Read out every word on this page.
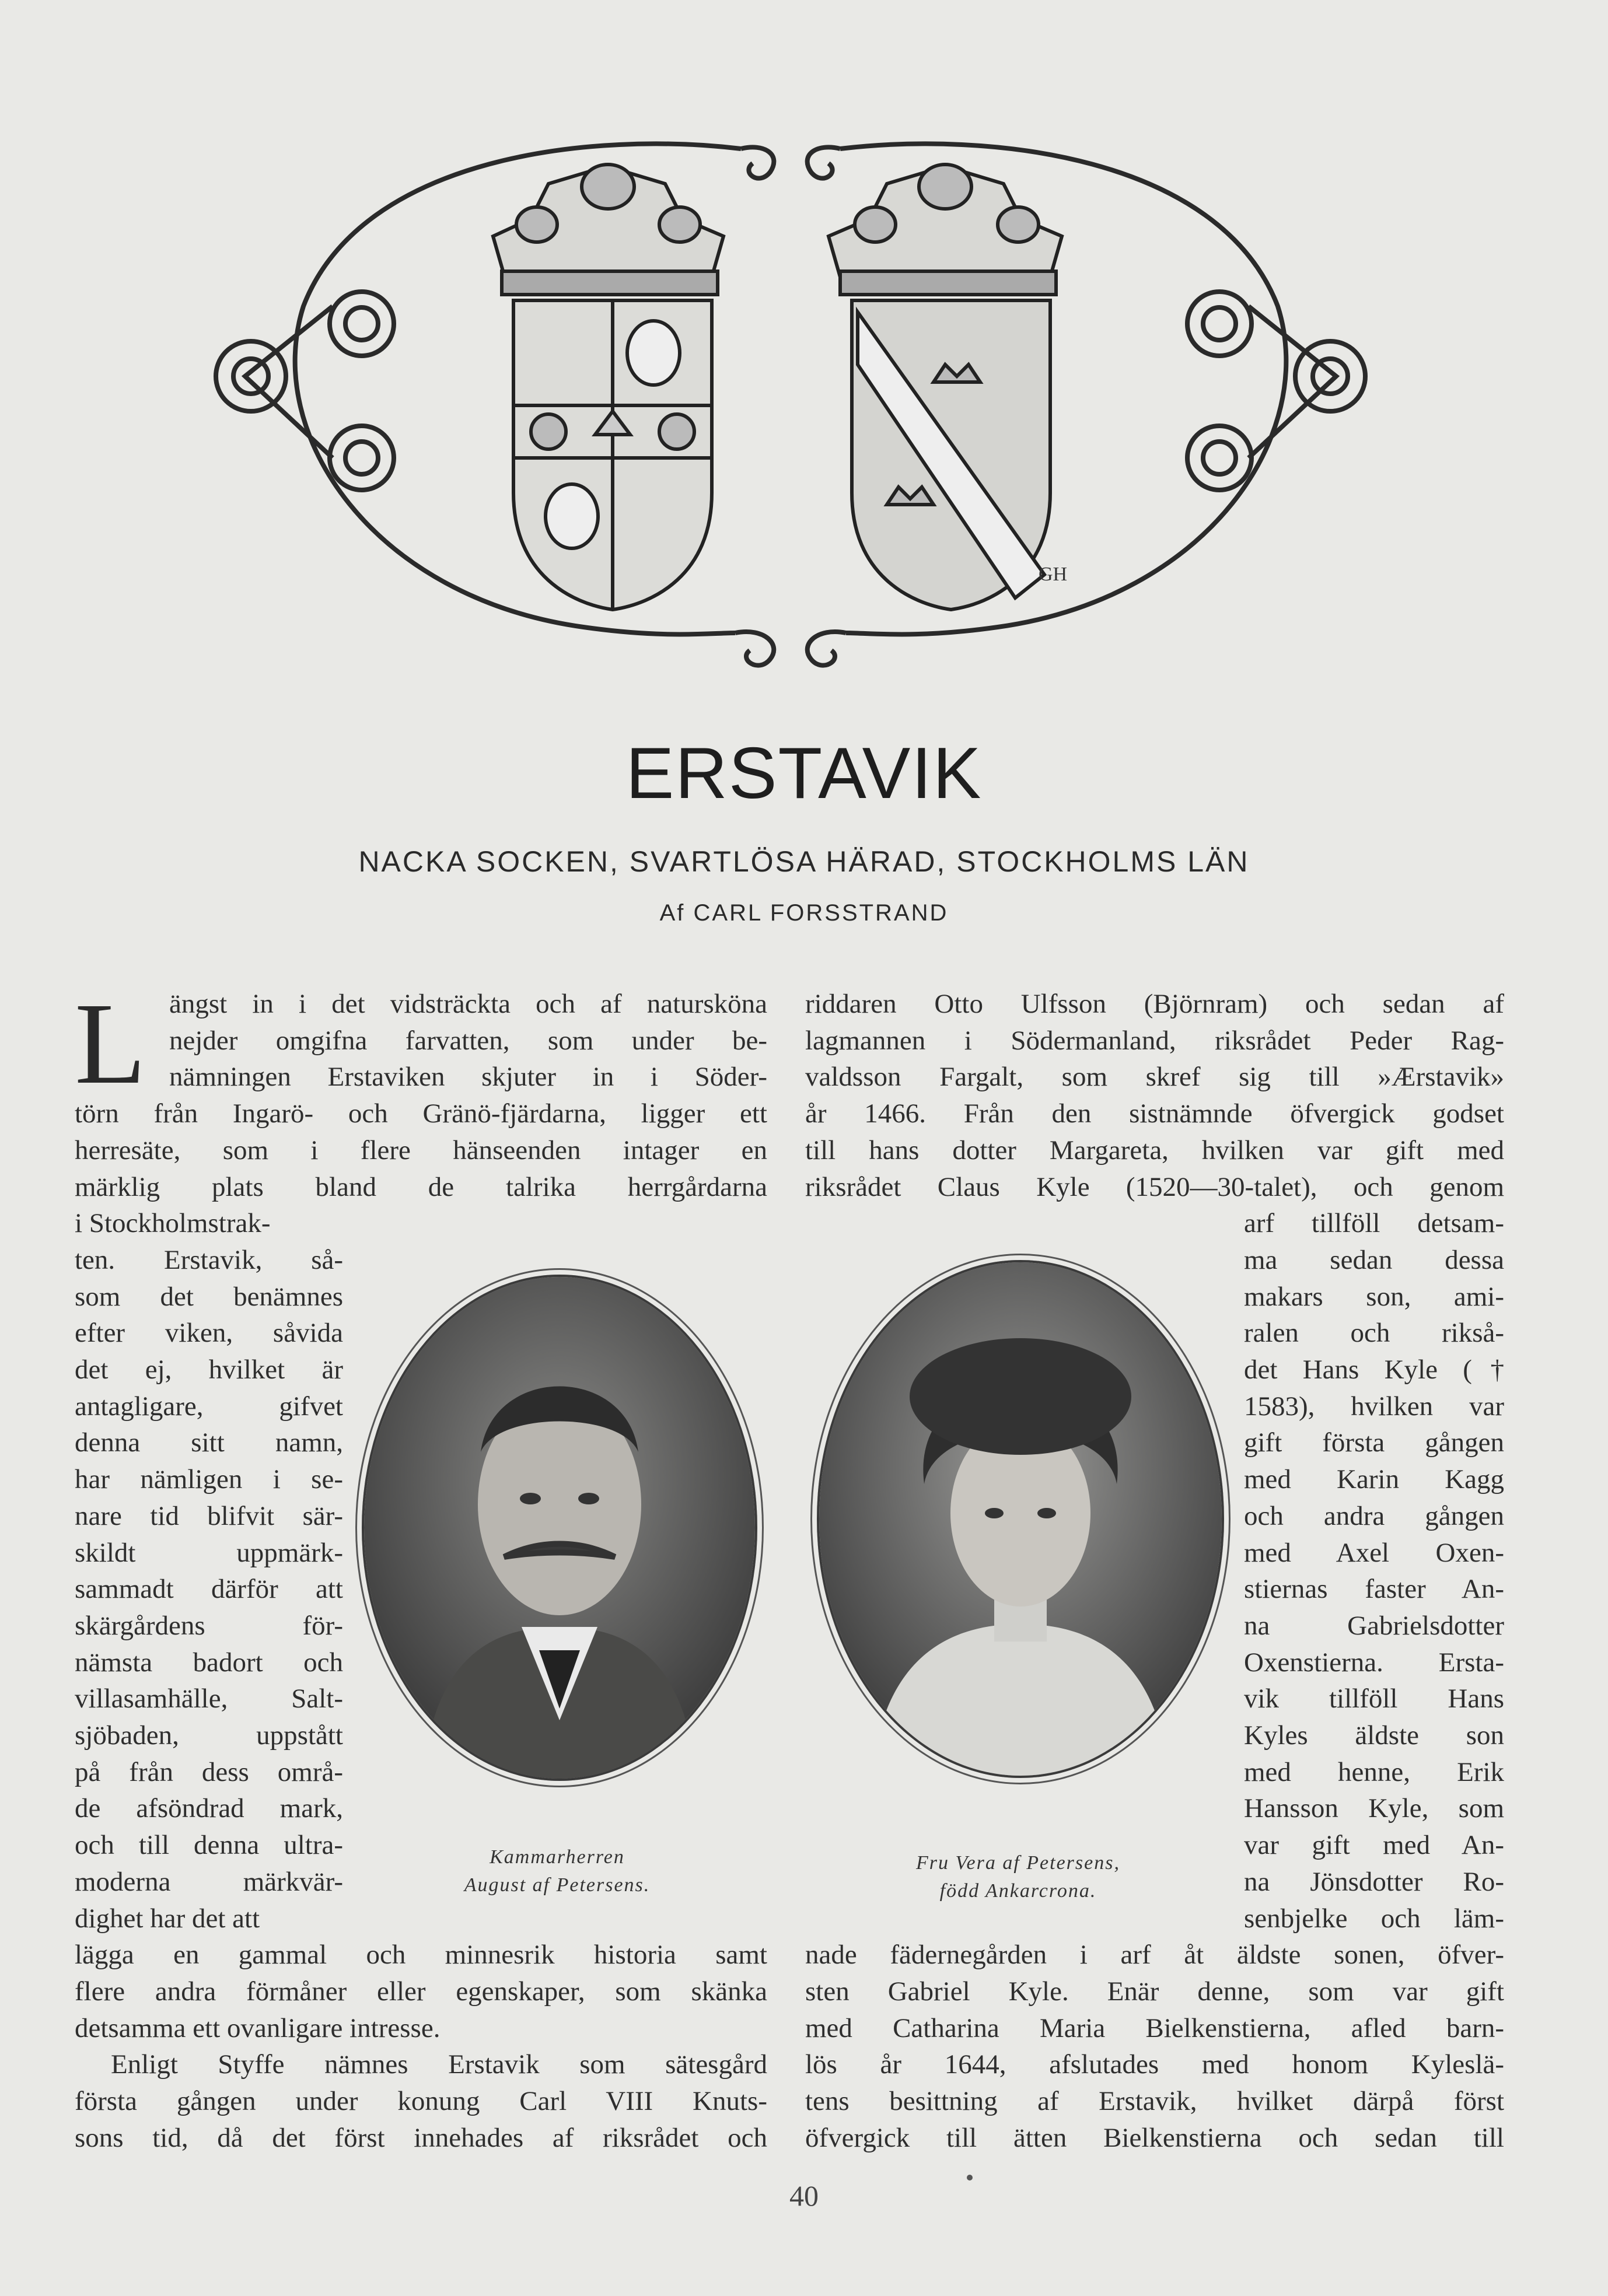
GH
ERSTAVIK
NACKA SOCKEN, SVARTLÖSA HÄRAD, STOCKHOLMS LÄN
Af CARL FORSSTRAND
L ängst in i det vidsträckta och af natursköna
nejder omgifna farvatten, som under be-
nämningen Erstaviken skjuter in i Söder-
törn från Ingarö- och Gränö-fjärdarna, ligger ett
herresäte, som i flere hänseenden intager en
märklig plats bland de talrika herrgårdarna
i Stockholmstrak-
ten. Erstavik, så-
som det benämnes
efter viken, såvida
det ej, hvilket är
antagligare, gifvet
denna sitt namn,
har nämligen i se-
nare tid blifvit sär-
skildt uppmärk-
sammadt därför att
skärgårdens för-
nämsta badort och
villasamhälle, Salt-
sjöbaden, uppstått
på från dess områ-
de afsöndrad mark,
och till denna ultra-
moderna märkvär-
dighet har det att
lägga en gammal och minnesrik historia samt
flere andra förmåner eller egenskaper, som skänka
detsamma ett ovanligare intresse.
Enligt Styffe nämnes Erstavik som sätesgård
första gången under konung Carl VIII Knuts-
sons tid, då det först innehades af riksrådet och
riddaren Otto Ulfsson (Björnram) och sedan af
lagmannen i Södermanland, riksrådet Peder Rag-
valdsson Fargalt, som skref sig till »Ærstavik»
år 1466. Från den sistnämnde öfvergick godset
till hans dotter Margareta, hvilken var gift med
riksrådet Claus Kyle (1520—30-talet), och genom
arf tillföll detsam-
ma sedan dessa
makars son, ami-
ralen och rikså-
det Hans Kyle (†
1583), hvilken var
gift första gången
med Karin Kagg
och andra gången
med Axel Oxen-
stiernas faster An-
na Gabrielsdotter
Oxenstierna. Ersta-
vik tillföll Hans
Kyles äldste son
med henne, Erik
Hansson Kyle, som
var gift med An-
na Jönsdotter Ro-
senbjelke och läm-
nade fädernegården i arf åt äldste sonen, öfver-
sten Gabriel Kyle. Enär denne, som var gift
med Catharina Maria Bielkenstierna, afled barn-
lös år 1644, afslutades med honom Kyleslä-
tens besittning af Erstavik, hvilket därpå först
öfvergick till ätten Bielkenstierna och sedan till
Kammarherren
August af Petersens.
Fru Vera af Petersens,
född Ankarcrona.
40
